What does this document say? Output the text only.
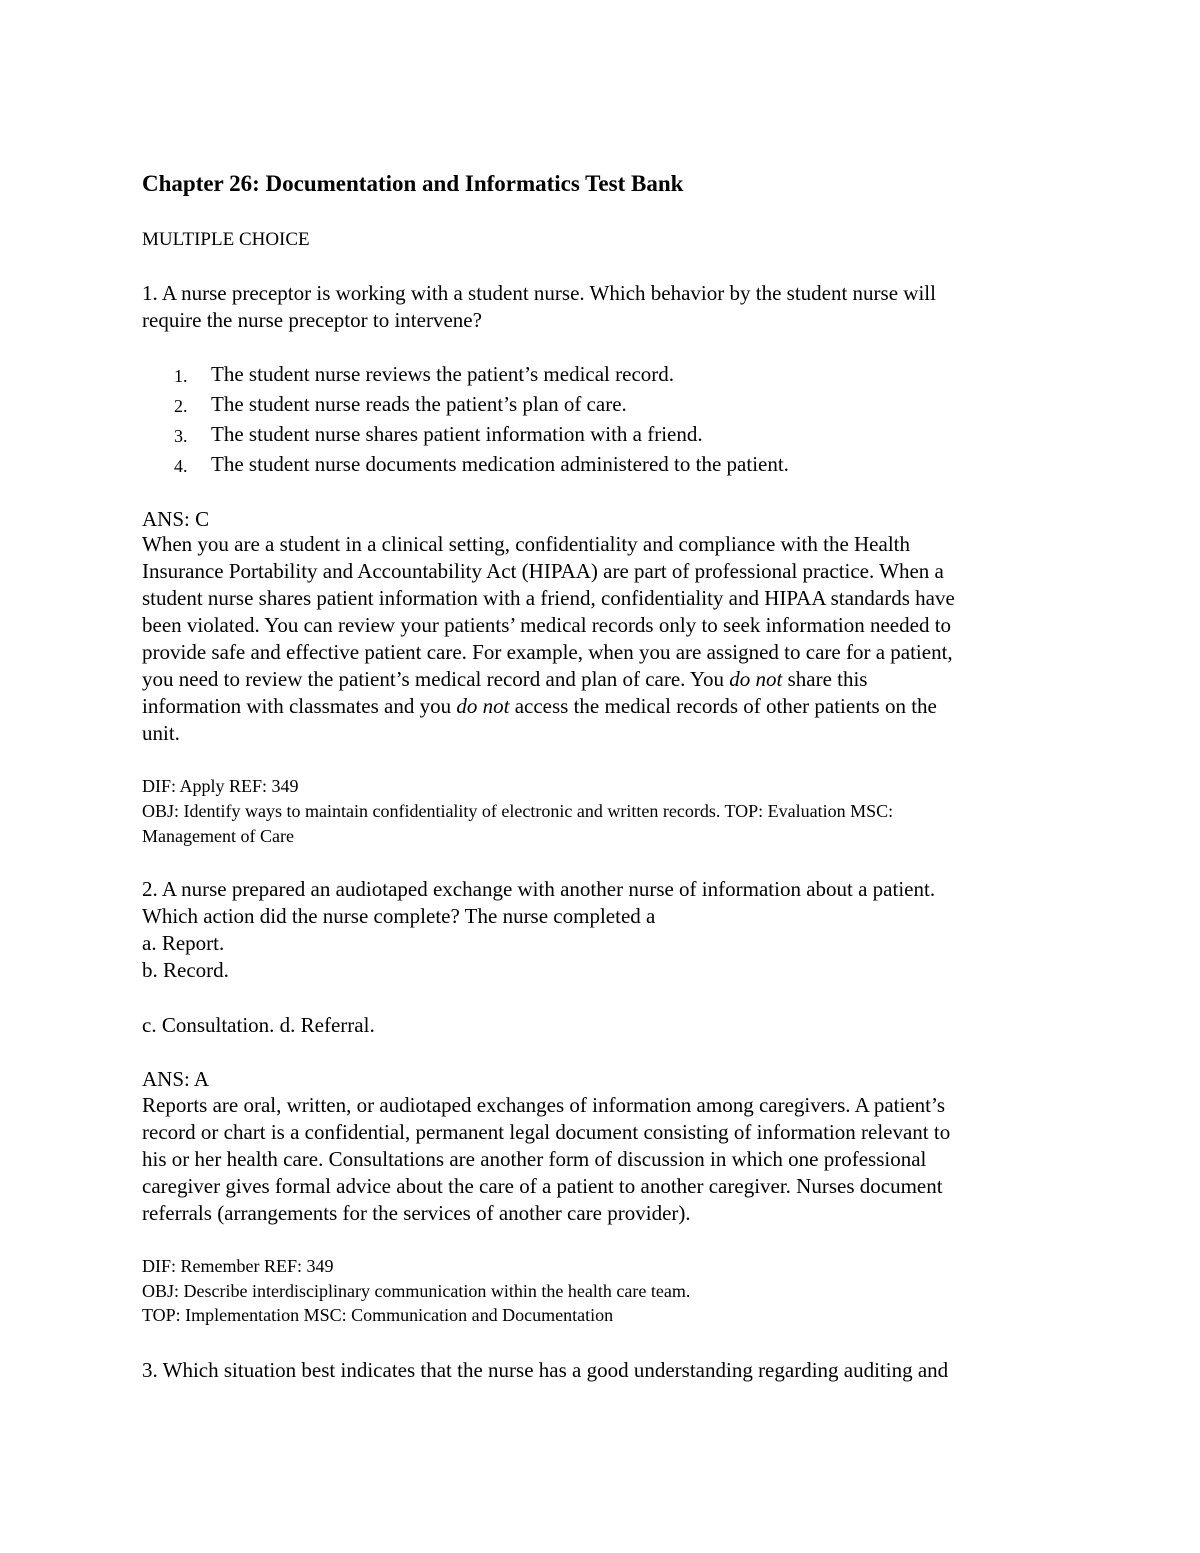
Chapter 26: Documentation and Informatics Test Bank
MULTIPLE CHOICE
1. A nurse preceptor is working with a student nurse. Which behavior by the student nurse will
require the nurse preceptor to intervene?
1. The student nurse reviews the patient’s medical record.
2. The student nurse reads the patient’s plan of care.
3. The student nurse shares patient information with a friend.
4. The student nurse documents medication administered to the patient.
ANS: C
When you are a student in a clinical setting, confidentiality and compliance with the Health
Insurance Portability and Accountability Act (HIPAA) are part of professional practice. When a
student nurse shares patient information with a friend, confidentiality and HIPAA standards have
been violated. You can review your patients’ medical records only to seek information needed to
provide safe and effective patient care. For example, when you are assigned to care for a patient,
you need to review the patient’s medical record and plan of care. You do not share this
information with classmates and you do not access the medical records of other patients on the
unit.
DIF: Apply REF: 349
OBJ: Identify ways to maintain confidentiality of electronic and written records. TOP: Evaluation MSC:
Management of Care
2. A nurse prepared an audiotaped exchange with another nurse of information about a patient.
Which action did the nurse complete? The nurse completed a
a. Report.
b. Record.
c. Consultation. d. Referral.
ANS: A
Reports are oral, written, or audiotaped exchanges of information among caregivers. A patient’s
record or chart is a confidential, permanent legal document consisting of information relevant to
his or her health care. Consultations are another form of discussion in which one professional
caregiver gives formal advice about the care of a patient to another caregiver. Nurses document
referrals (arrangements for the services of another care provider).
DIF: Remember REF: 349
OBJ: Describe interdisciplinary communication within the health care team.
TOP: Implementation MSC: Communication and Documentation
3. Which situation best indicates that the nurse has a good understanding regarding auditing and
